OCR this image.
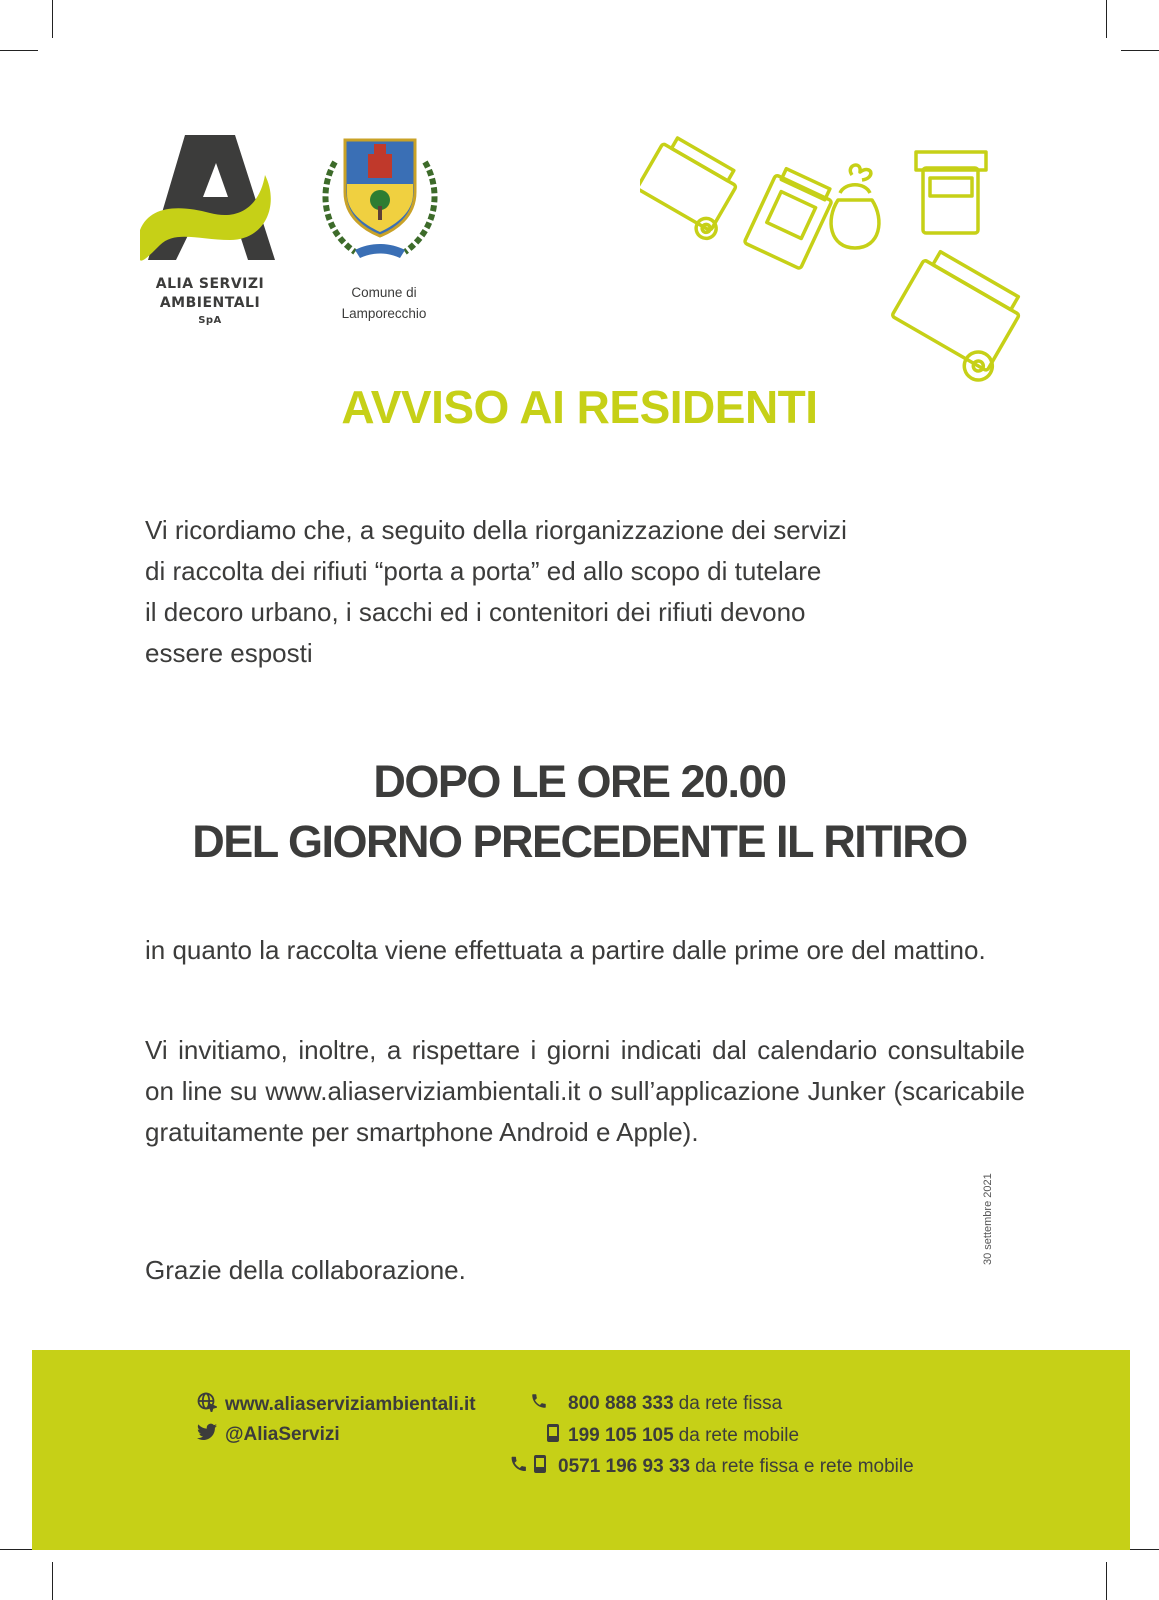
ALIA SERVIZI
AMBIENTALI
SpA
Comune di
Lamporecchio
AVVISO AI RESIDENTI
Vi ricordiamo che, a seguito della riorganizzazione dei servizi
di raccolta dei rifiuti “porta a porta” ed allo scopo di tutelare
il decoro urbano, i sacchi ed i contenitori dei rifiuti devono
essere esposti
DOPO LE ORE 20.00
DEL GIORNO PRECEDENTE IL RITIRO
in quanto la raccolta viene effettuata a partire dalle prime ore del mattino.
Vi invitiamo, inoltre, a rispettare i giorni indicati dal calendario consultabile on line su www.aliaserviziambientali.it o sull’applicazione Junker (scaricabile gratuitamente per smartphone Android e Apple).
Grazie della collaborazione.
30 settembre 2021
www.aliaserviziambientali.it
@AliaServizi
800 888 333 da rete fissa
199 105 105 da rete mobile
0571 196 93 33 da rete fissa e rete mobile
